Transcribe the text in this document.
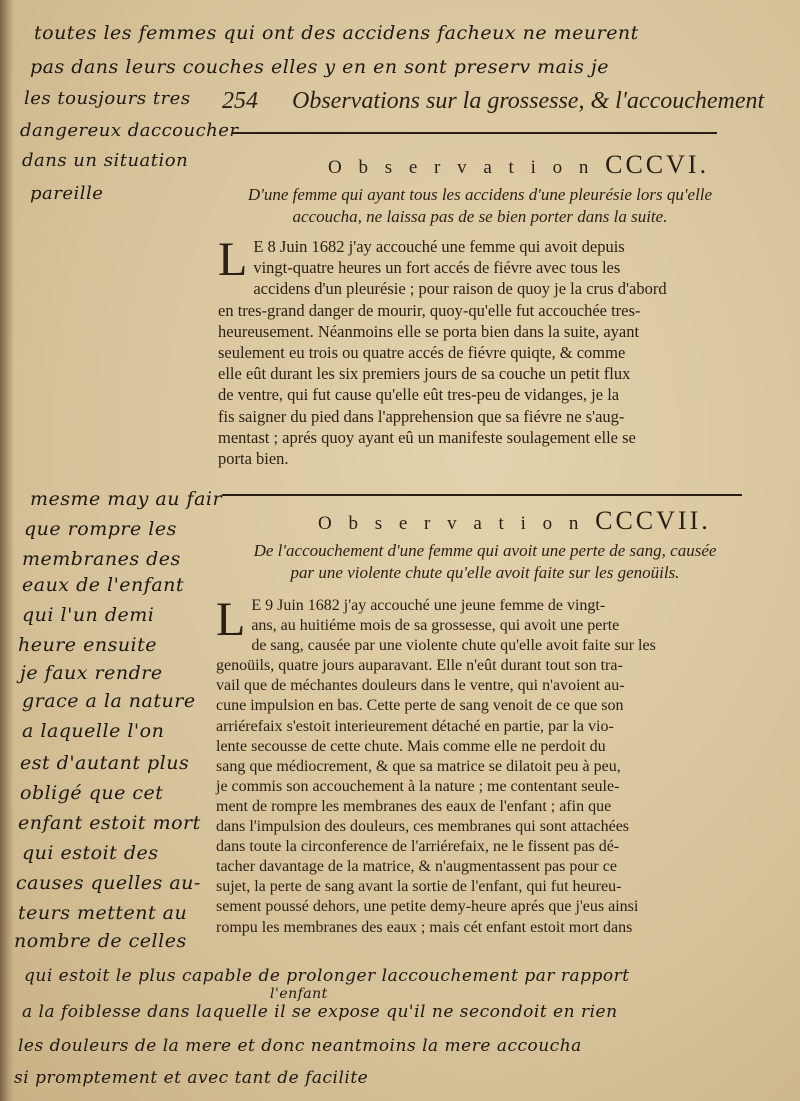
toutes les femmes qui ont des accidens facheux ne meurent
pas dans leurs couches elles y en en sont preserv mais je
les tousjours tres
dangereux daccoucher
dans un situation
pareille
254 Observations sur la grossesse, & l'accouchement
O b s e r v a t i o n CCCVI.
D'une femme qui ayant tous les accidens d'une pleurésie lors qu'elle
accoucha, ne laissa pas de se bien porter dans la suite.
L E 8 Juin 1682 j'ay accouché une femme qui avoit depuis
vingt-quatre heures un fort accés de fiévre avec tous les
accidens d'un pleurésie ; pour raison de quoy je la crus d'abord
en tres-grand danger de mourir, quoy-qu'elle fut accouchée tres-
heureusement. Néanmoins elle se porta bien dans la suite, ayant
seulement eu trois ou quatre accés de fiévre quiqte, & comme
elle eût durant les six premiers jours de sa couche un petit flux
de ventre, qui fut cause qu'elle eût tres-peu de vidanges, je la
fis saigner du pied dans l'apprehension que sa fiévre ne s'aug-
mentast ; aprés quoy ayant eû un manifeste soulagement elle se
porta bien.
mesme may au fair
que rompre les
membranes des
eaux de l'enfant
qui l'un demi
heure ensuite
je faux rendre
grace a la nature
a laquelle l'on
est d'autant plus
obligé que cet
enfant estoit mort
qui estoit des
causes quelles au-
teurs mettent au
nombre de celles
O b s e r v a t i o n CCCVII.
De l'accouchement d'une femme qui avoit une perte de sang, causée
par une violente chute qu'elle avoit faite sur les genoüils.
L E 9 Juin 1682 j'ay accouché une jeune femme de vingt-
ans, au huitiéme mois de sa grossesse, qui avoit une perte
de sang, causée par une violente chute qu'elle avoit faite sur les
genoüils, quatre jours auparavant. Elle n'eût durant tout son tra-
vail que de méchantes douleurs dans le ventre, qui n'avoient au-
cune impulsion en bas. Cette perte de sang venoit de ce que son
arriérefaix s'estoit interieurement détaché en partie, par la vio-
lente secousse de cette chute. Mais comme elle ne perdoit du
sang que médiocrement, & que sa matrice se dilatoit peu à peu,
je commis son accouchement à la nature ; me contentant seule-
ment de rompre les membranes des eaux de l'enfant ; afin que
dans l'impulsion des douleurs, ces membranes qui sont attachées
dans toute la circonference de l'arriérefaix, ne le fissent pas dé-
tacher davantage de la matrice, & n'augmentassent pas pour ce
sujet, la perte de sang avant la sortie de l'enfant, qui fut heureu-
sement poussé dehors, une petite demy-heure aprés que j'eus ainsi
rompu les membranes des eaux ; mais cét enfant estoit mort dans
l'enfant
qui estoit le plus capable de prolonger laccouchement par rapport
a la foiblesse dans laquelle il se expose qu'il ne secondoit en rien
les douleurs de la mere et donc neantmoins la mere accoucha
si promptement et avec tant de facilite
